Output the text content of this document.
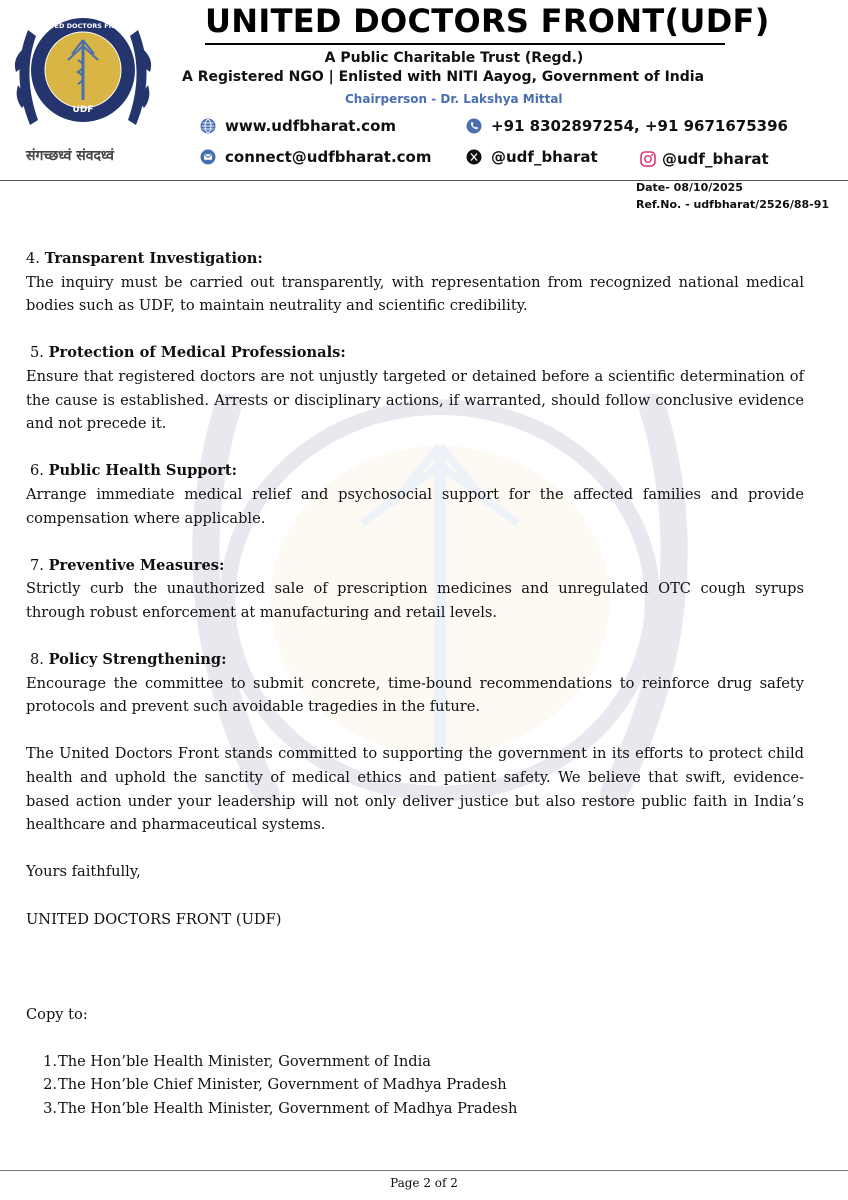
UDF
UNITED DOCTORS FRONT
संगच्छध्वं संवदध्वं
UNITED DOCTORS FRONT(UDF)
A Public Charitable Trust (Regd.)
A Registered NGO | Enlisted with NITI Aayog, Government of India
Chairperson - Dr. Lakshya Mittal
www.udfbharat.com	+91 8302897254, +91 9671675396
connect@udfbharat.com	@udf_bharat	@udf_bharat
Date- 08/10/2025
Ref.No. - udfbharat/2526/88-91
4. Transparent Investigation:

The inquiry must be carried out transparently, with representation from recognized national medical bodies such as UDF, to maintain neutrality and scientific credibility.

5. Protection of Medical Professionals:

Ensure that registered doctors are not unjustly targeted or detained before a scientific determination of the cause is established. Arrests or disciplinary actions, if warranted, should follow conclusive evidence and not precede it.

6. Public Health Support:

Arrange immediate medical relief and psychosocial support for the affected families and provide compensation where applicable.

7. Preventive Measures:

Strictly curb the unauthorized sale of prescription medicines and unregulated OTC cough syrups through robust enforcement at manufacturing and retail levels.

8. Policy Strengthening:

Encourage the committee to submit concrete, time-bound recommendations to reinforce drug safety protocols and prevent such avoidable tragedies in the future.

The United Doctors Front stands committed to supporting the government in its efforts to protect child health and uphold the sanctity of medical ethics and patient safety. We believe that swift, evidence-based action under your leadership will not only deliver justice but also restore public faith in India’s healthcare and pharmaceutical systems.

Yours faithfully,
UNITED DOCTORS FRONT (UDF)
Copy to:
1. The Hon’ble Health Minister, Government of India
2. The Hon’ble Chief Minister, Government of Madhya Pradesh
3. The Hon’ble Health Minister, Government of Madhya Pradesh
Page 2 of 2
